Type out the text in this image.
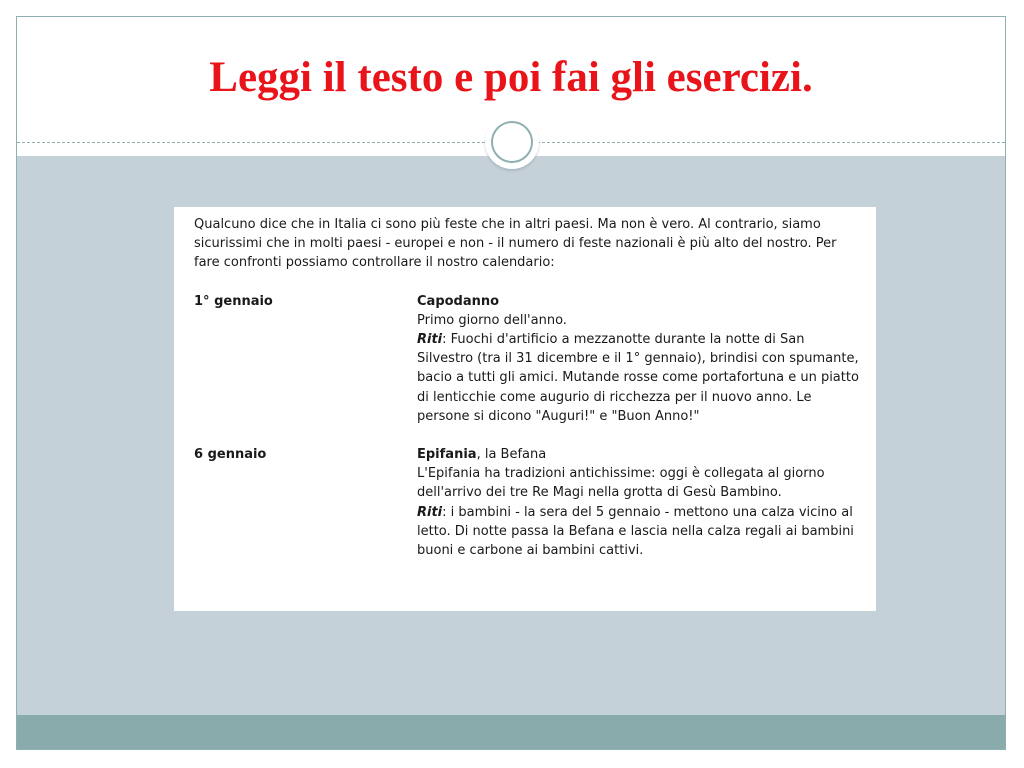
Leggi il testo e poi fai gli esercizi.

Qualcuno dice che in Italia ci sono più feste che in altri paesi. Ma non è vero. Al contrario, siamo sicurissimi che in molti paesi - europei e non - il numero di feste nazionali è più alto del nostro. Per fare confronti possiamo controllare il nostro calendario:

1° gennaio	Capodanno
Primo giorno dell'anno.
Riti: Fuochi d'artificio a mezzanotte durante la notte di San Silvestro (tra il 31 dicembre e il 1° gennaio), brindisi con spumante, bacio a tutti gli amici. Mutande rosse come portafortuna e un piatto di lenticchie come augurio di ricchezza per il nuovo anno. Le persone si dicono "Auguri!" e "Buon Anno!"
6 gennaio	Epifania, la Befana
L'Epifania ha tradizioni antichissime: oggi è collegata al giorno dell'arrivo dei tre Re Magi nella grotta di Gesù Bambino.
Riti: i bambini - la sera del 5 gennaio - mettono una calza vicino al letto. Di notte passa la Befana e lascia nella calza regali ai bambini buoni e carbone ai bambini cattivi.
